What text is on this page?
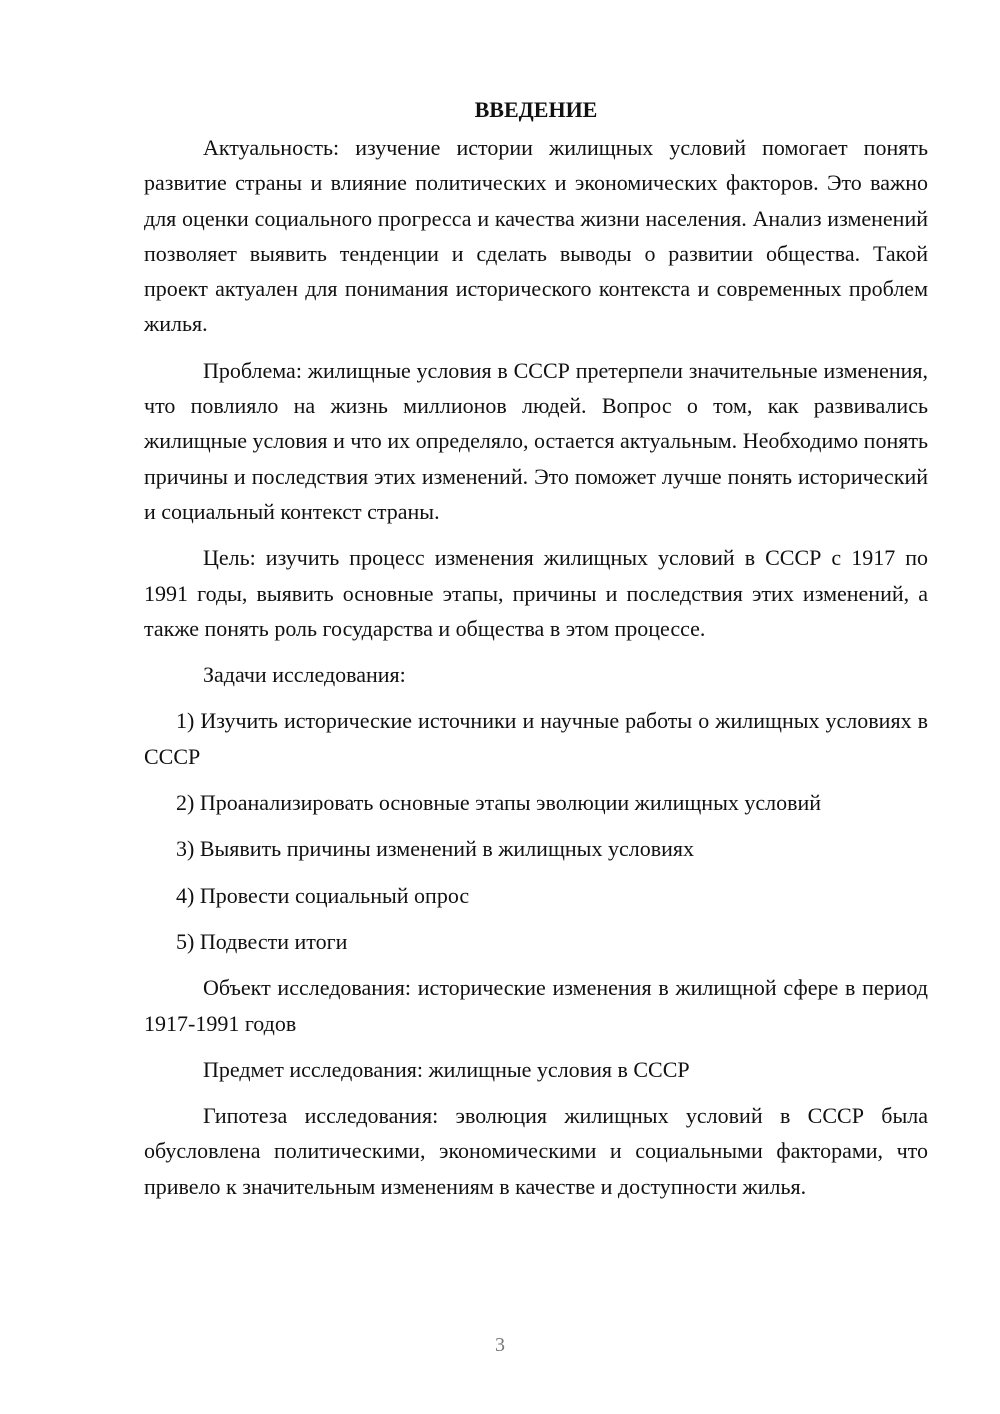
ВВЕДЕНИЕ

Актуальность: изучение истории жилищных условий помогает понять развитие страны и влияние политических и экономических факторов. Это важно для оценки социального прогресса и качества жизни населения. Анализ изменений позволяет выявить тенденции и сделать выводы о развитии общества. Такой проект актуален для понимания исторического контекста и современных проблем жилья.

Проблема: жилищные условия в СССР претерпели значительные изменения, что повлияло на жизнь миллионов людей. Вопрос о том, как развивались жилищные условия и что их определяло, остается актуальным. Необходимо понять причины и последствия этих изменений. Это поможет лучше понять исторический и социальный контекст страны.

Цель: изучить процесс изменения жилищных условий в СССР с 1917 по 1991 годы, выявить основные этапы, причины и последствия этих изменений, а также понять роль государства и общества в этом процессе.

Задачи исследования:

1) Изучить исторические источники и научные работы о жилищных условиях в СССР

2) Проанализировать основные этапы эволюции жилищных условий

3) Выявить причины изменений в жилищных условиях

4) Провести социальный опрос

5) Подвести итоги

Объект исследования: исторические изменения в жилищной сфере в период 1917-1991 годов

Предмет исследования: жилищные условия в СССР

Гипотеза исследования: эволюция жилищных условий в СССР была обусловлена политическими, экономическими и социальными факторами, что привело к значительным изменениям в качестве и доступности жилья.

3
